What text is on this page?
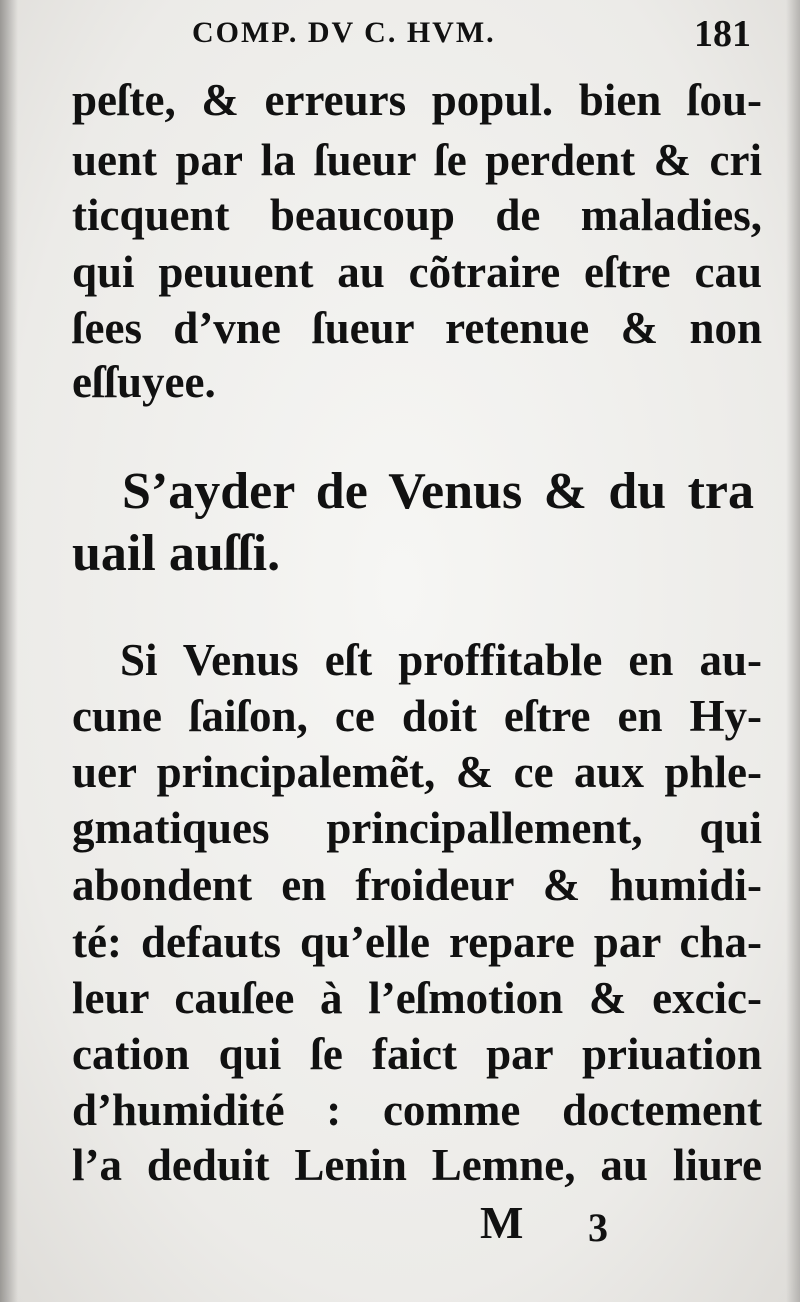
COMP. DV C. HVM.	181
peſte, & erreurs popul. bien ſou-
uent par la ſueur ſe perdent & cri
ticquent beaucoup de maladies,
qui peuuent au cõtraire eſtre cau
ſees d’vne ſueur retenue & non
eſſuyee.
S’ayder de Venus & du tra
uail auſſi.
Si Venus eſt proffitable en au-
cune ſaiſon, ce doit eſtre en Hy-
uer principalemẽt, & ce aux phle-
gmatiques principallement, qui
abondent en froideur & humidi-
té: defauts qu’elle repare par cha-
leur cauſee à l’eſmotion & excic-
cation qui ſe faict par priuation
d’humidité : comme doctement
l’a deduit Lenin Lemne, au liure
M 3
